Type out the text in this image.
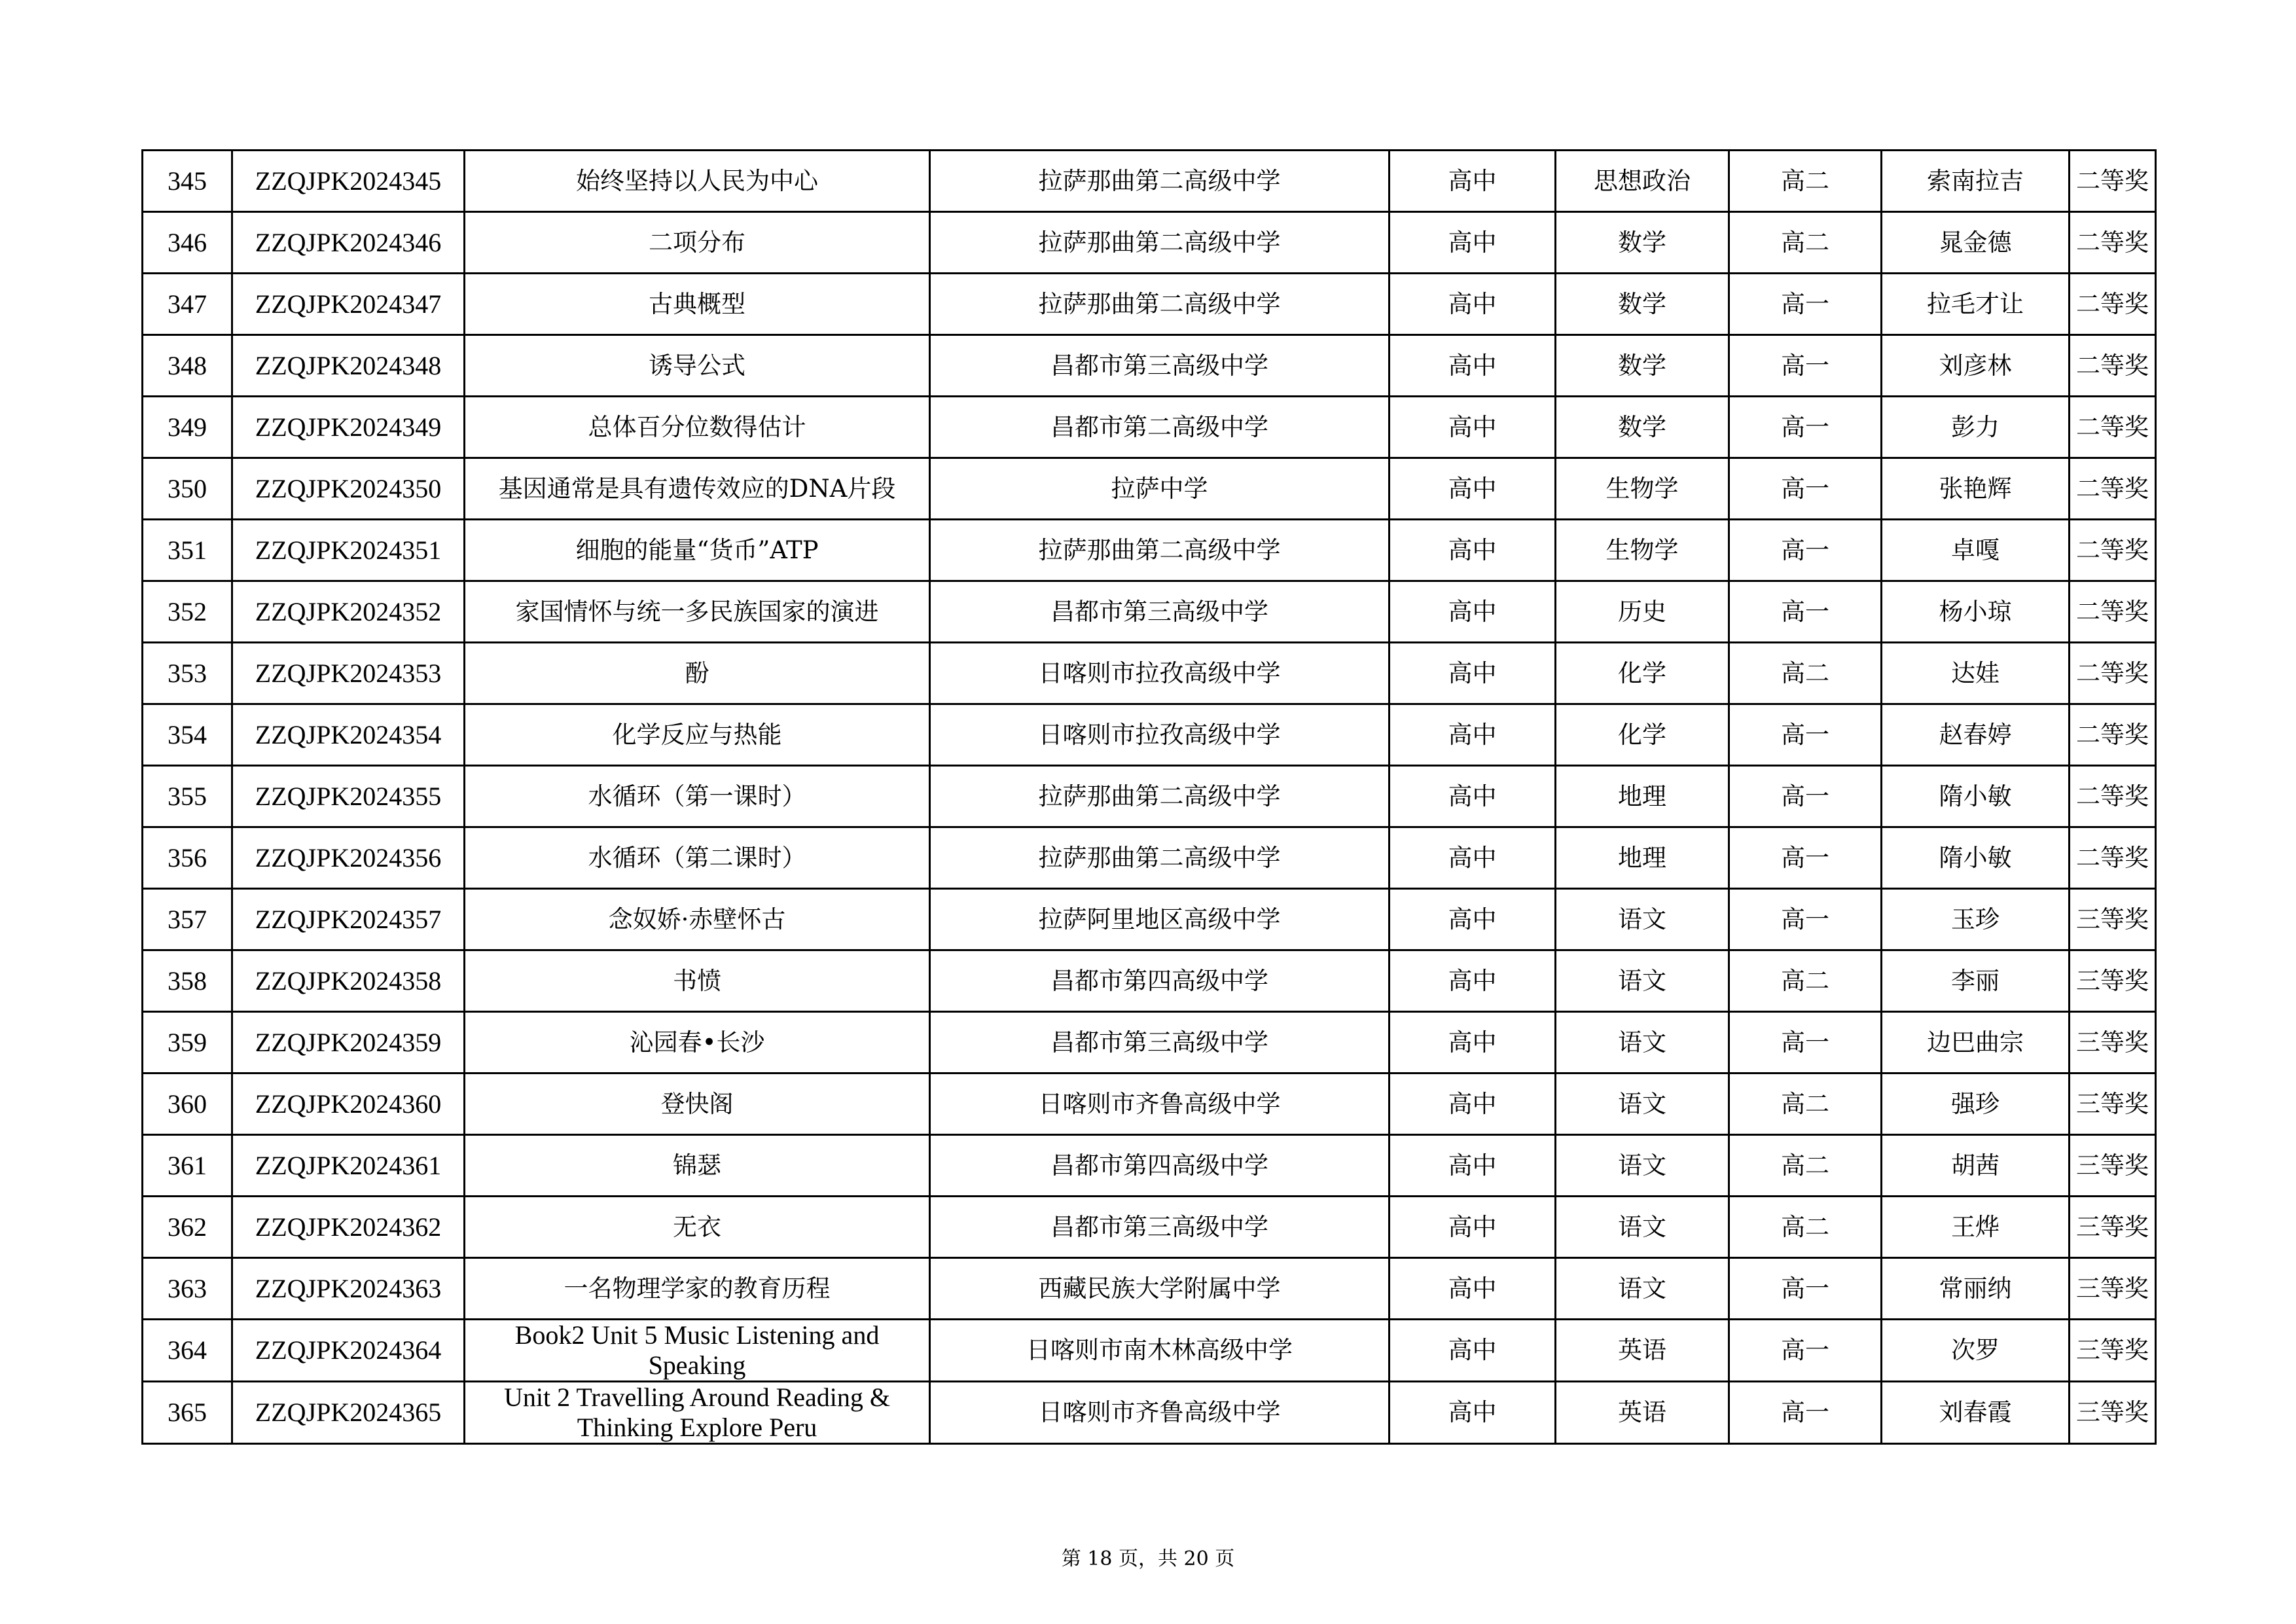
345	ZZQJPK2024345	始终坚持以人民为中心	拉萨那曲第二高级中学	高中	思想政治	高二	索南拉吉	二等奖
346	ZZQJPK2024346	二项分布	拉萨那曲第二高级中学	高中	数学	高二	晁金德	二等奖
347	ZZQJPK2024347	古典概型	拉萨那曲第二高级中学	高中	数学	高一	拉毛才让	二等奖
348	ZZQJPK2024348	诱导公式	昌都市第三高级中学	高中	数学	高一	刘彦林	二等奖
349	ZZQJPK2024349	总体百分位数得估计	昌都市第二高级中学	高中	数学	高一	彭力	二等奖
350	ZZQJPK2024350	基因通常是具有遗传效应的DNA片段	拉萨中学	高中	生物学	高一	张艳辉	二等奖
351	ZZQJPK2024351	细胞的能量“货币”ATP	拉萨那曲第二高级中学	高中	生物学	高一	卓嘎	二等奖
352	ZZQJPK2024352	家国情怀与统一多民族国家的演进	昌都市第三高级中学	高中	历史	高一	杨小琼	二等奖
353	ZZQJPK2024353	酚	日喀则市拉孜高级中学	高中	化学	高二	达娃	二等奖
354	ZZQJPK2024354	化学反应与热能	日喀则市拉孜高级中学	高中	化学	高一	赵春婷	二等奖
355	ZZQJPK2024355	水循环（第一课时）	拉萨那曲第二高级中学	高中	地理	高一	隋小敏	二等奖
356	ZZQJPK2024356	水循环（第二课时）	拉萨那曲第二高级中学	高中	地理	高一	隋小敏	二等奖
357	ZZQJPK2024357	念奴娇·赤壁怀古	拉萨阿里地区高级中学	高中	语文	高一	玉珍	三等奖
358	ZZQJPK2024358	书愤	昌都市第四高级中学	高中	语文	高二	李丽	三等奖
359	ZZQJPK2024359	沁园春•长沙	昌都市第三高级中学	高中	语文	高一	边巴曲宗	三等奖
360	ZZQJPK2024360	登快阁	日喀则市齐鲁高级中学	高中	语文	高二	强珍	三等奖
361	ZZQJPK2024361	锦瑟	昌都市第四高级中学	高中	语文	高二	胡茜	三等奖
362	ZZQJPK2024362	无衣	昌都市第三高级中学	高中	语文	高二	王烨	三等奖
363	ZZQJPK2024363	一名物理学家的教育历程	西藏民族大学附属中学	高中	语文	高一	常丽纳	三等奖
364	ZZQJPK2024364	Book2 Unit 5 Music Listening and Speaking	日喀则市南木林高级中学	高中	英语	高一	次罗	三等奖
365	ZZQJPK2024365	Unit 2 Travelling Around Reading & Thinking Explore Peru	日喀则市齐鲁高级中学	高中	英语	高一	刘春霞	三等奖
第 18 页，共 20 页
